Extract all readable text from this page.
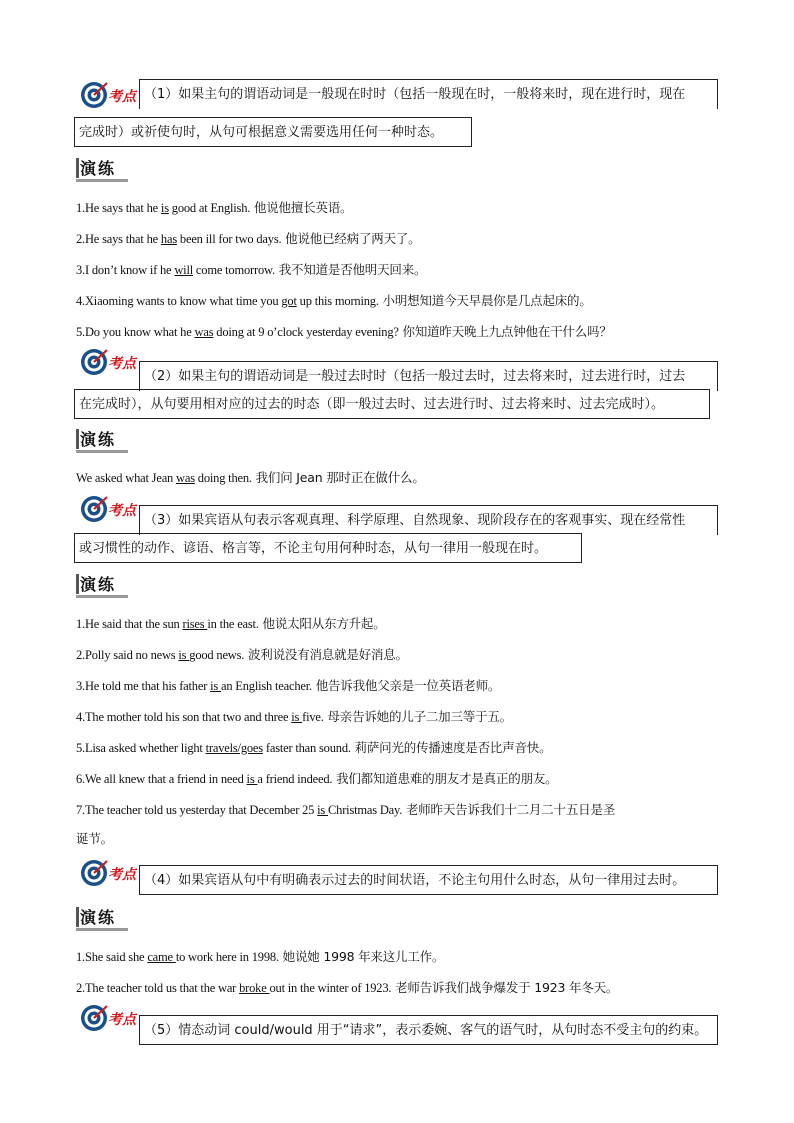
考点 （1）如果主句的谓语动词是一般现在时时（包括一般现在时，一般将来时，现在进行时，现在
完成时）或祈使句时，从句可根据意义需要选用任何一种时态。
演练
1.He says that he is good at English. 他说他擅长英语。
2.He says that he has been ill for two days. 他说他已经病了两天了。
3.I don’t know if he will come tomorrow. 我不知道是否他明天回来。
4.Xiaoming wants to know what time you got up this morning. 小明想知道今天早晨你是几点起床的。
5.Do you know what he was doing at 9 o’clock yesterday evening? 你知道昨天晚上九点钟他在干什么吗？
考点
（2）如果主句的谓语动词是一般过去时时（包括一般过去时，过去将来时，过去进行时，过去
在完成时），从句要用相对应的过去的时态（即一般过去时、过去进行时、过去将来时、过去完成时）。
演练
We asked what Jean was doing then. 我们问 Jean 那时正在做什么。
考点
（3）如果宾语从句表示客观真理、科学原理、自然现象、现阶段存在的客观事实、现在经常性
或习惯性的动作、谚语、格言等，不论主句用何种时态，从句一律用一般现在时。
演练
1.He said that the sun rises in the east. 他说太阳从东方升起。
2.Polly said no news is good news. 波利说没有消息就是好消息。
3.He told me that his father is an English teacher. 他告诉我他父亲是一位英语老师。
4.The mother told his son that two and three is five. 母亲告诉她的儿子二加三等于五。
5.Lisa asked whether light travels/goes faster than sound. 莉萨问光的传播速度是否比声音快。
6.We all knew that a friend in need is a friend indeed. 我们都知道患难的朋友才是真正的朋友。
7.The teacher told us yesterday that December 25 is Christmas Day. 老师昨天告诉我们十二月二十五日是圣
诞节。
考点 （4）如果宾语从句中有明确表示过去的时间状语，不论主句用什么时态，从句一律用过去时。
演练
1.She said she came to work here in 1998. 她说她 1998 年来这儿工作。
2.The teacher told us that the war broke out in the winter of 1923. 老师告诉我们战争爆发于 1923 年冬天。
考点
（5）情态动词 could/would 用于“请求”，表示委婉、客气的语气时，从句时态不受主句的约束。
